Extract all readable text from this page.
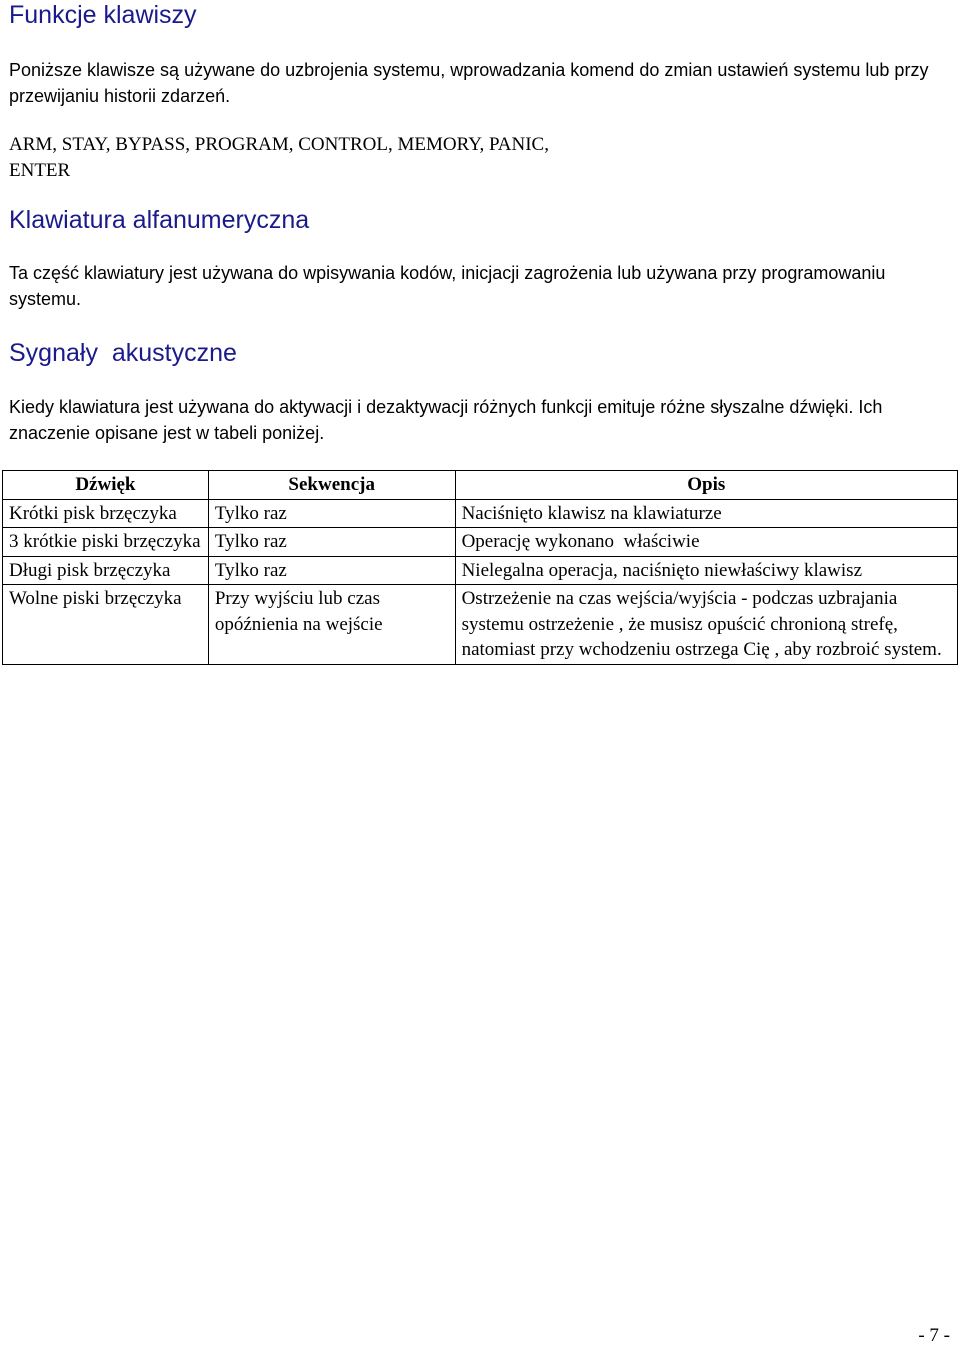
Funkcje klawiszy

Poniższe klawisze są używane do uzbrojenia systemu, wprowadzania komend do zmian ustawień systemu lub przy przewijaniu historii zdarzeń.

ARM, STAY, BYPASS, PROGRAM, CONTROL, MEMORY, PANIC, ENTER

Klawiatura alfanumeryczna

Ta część klawiatury jest używana do wpisywania kodów, inicjacji zagrożenia lub używana przy programowaniu systemu.

Sygnały  akustyczne

Kiedy klawiatura jest używana do aktywacji i dezaktywacji różnych funkcji emituje różne słyszalne dźwięki. Ich znaczenie opisane jest w tabeli poniżej.

Dźwięk	Sekwencja	Opis
Krótki pisk brzęczyka	Tylko raz	Naciśnięto klawisz na klawiaturze
3 krótkie piski brzęczyka	Tylko raz	Operację wykonano  właściwie
Długi pisk brzęczyka	Tylko raz	Nielegalna operacja, naciśnięto niewłaściwy klawisz
Wolne piski brzęczyka	Przy wyjściu lub czas opóźnienia na wejście	Ostrzeżenie na czas wejścia/wyjścia - podczas uzbrajania systemu ostrzeżenie , że musisz opuścić chronioną strefę, natomiast przy wchodzeniu ostrzega Cię , aby rozbroić system.
- 7 -
